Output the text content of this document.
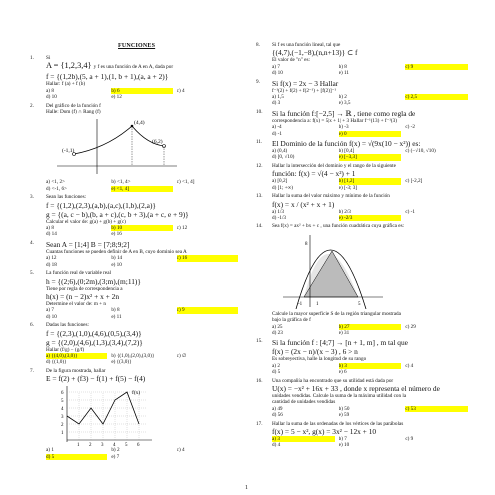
FUNCIONES
1.	Si
A = {1,2,3,4} y f es una función de A en A, dada por
f = {(1,2b),(5, a + 1),(1, b + 1),(a, a + 2)}
Hallar: f (a) + f (b)
a) 8	b) 6	c) 4
d) 10	e) 12
2.	Del gráfico de la función f
Halle: Dom (f) ∩ Rang (f)
(4,4)
(-1,1)
(6,2)
a) <1, 2>	b) <1, 4>	c) <1, 4]
d) <-1, 6>	e) <1, 4]
3.	Sean las funciones:
f = {(1,2),(2,3),(a,b),(a,c),(1,b),(2,a)}
g = {(a, c − b),(b, a + c),(c, b + 3),(a + c, e + 9)}
Calcular el valor de: g(a) + g(b) + g(c)
a) 8	b) 10	c) 12
d) 14	e) 16
4.	Sean A = [1;4] B = [7;8;9;2]
Cuantas funciones se pueden definir de A en B, cuyo dominio sea A
a) 12	b) 14	c) 16
d) 18	e) 10
5.	La función real de variable real
h = {(2;6),(0;2m),(3;m),(m;11)}
Tiene por regla de correspondencia a
h(x) = (n − 2)x² + x + 2n
Determine el valor de: m + n
a) 7	b) 8	c) 9
d) 10	e) 11
6.	Dadas las funciones:
f = {(2,3),(1,0),(4,6),(0,5),(3,4)}
g = {(2,0),(4,6),(1,3),(3,4),(7,2)}
Hallar (f/g) − (g/f)
a) {(4,0),(3,0)}	b) {(1,0),(2,0),(3,0)}	c) ∅
d) {(1,0)}	e) {(3,0)}
7.	De la figura mostrada, hallar
E = f(2) + (f3) − f(1) + f(5) − f(4)
6
5
4
3
2
1
1 2 3 4 5 6
f(x)
a) 1	b) 2	c) 4
d) 5	e) 7
8.	Si f es una función lineal, tal que
{(4,7),(−1,−8),(n,n+13)} ⊂ f
El valor de "n" es:
a) 7	b) 8	c) 9
d) 10	e) 11
9.	Si f(x) = 2x − 3 Hallar
f⁻¹(2) + f(2) + f(2⁻¹) + [f(2)]⁻¹
a) 1,5	b) 2	c) 2,5
d) 3	e) 3,5
10.	Si la función f:[−2,5] → ℝ , tiene como regla de
correspondencia a: f(x) = 5|x + 1| + 3 Hallar f⁻¹(13) + f⁻¹(3)
a) -4	b) -3	c) -2
d) -1	e) 0
11.	El Dominio de la función f(x) = √(9x(10 − x²)) es:
a) (0,4)	b) [0,4]	c) (−√10, √10)
d) [0, √10)	e) [−3,3]
12.	Hallar la intersección del dominio y el rango de la siguiente
función: f(x) = √(4 − x²) + 1
a) [0,2]	b) [1,2]	c) [-2,2]
d) [1; +∞)	e) [-3; 3]
13.	Hallar la suma del valor máximo y mínimo de la función
f(x) = x / (x² + x + 1)
a) 1/3	b) 2/3	c) -1
d) -1/3	e) -2/3
14.	Sea f(x) = ax² + bx + c , una función cuadrática cuya gráfica es:
8
5
-1	1
Calcule la mayor superficie S de la región triangular mostrada
bajo la gráfica de f
a) 25	b) 27	c) 29
d) 23	e) 31
15.	Si la función f : [4;7] → [n + 1, m] , m tal que
f(x) = (2x − n)/(x − 3) , 6 > n
Es sobreyectiva, halle la longitud de su rango
a) 2	b) 3	c) 4
d) 5	e) 6
16.	Una compañía ha encontrado que su utilidad está dada por
U(x) = −x² + 16x + 33 , donde x representa el número de
unidades vendidas. Calcule la suma de la máxima utilidad con la
cantidad de unidades vendidas
a) 49	b) 50	c) 53
d) 56	e) 59
17.	Hallar la suma de las ordenadas de los vértices de las parábolas
f(x) = 5 − x², g(x) = 3x² − 12x + 10
a) 3	b) 7	c) 9
d) 4	e) 10
1
